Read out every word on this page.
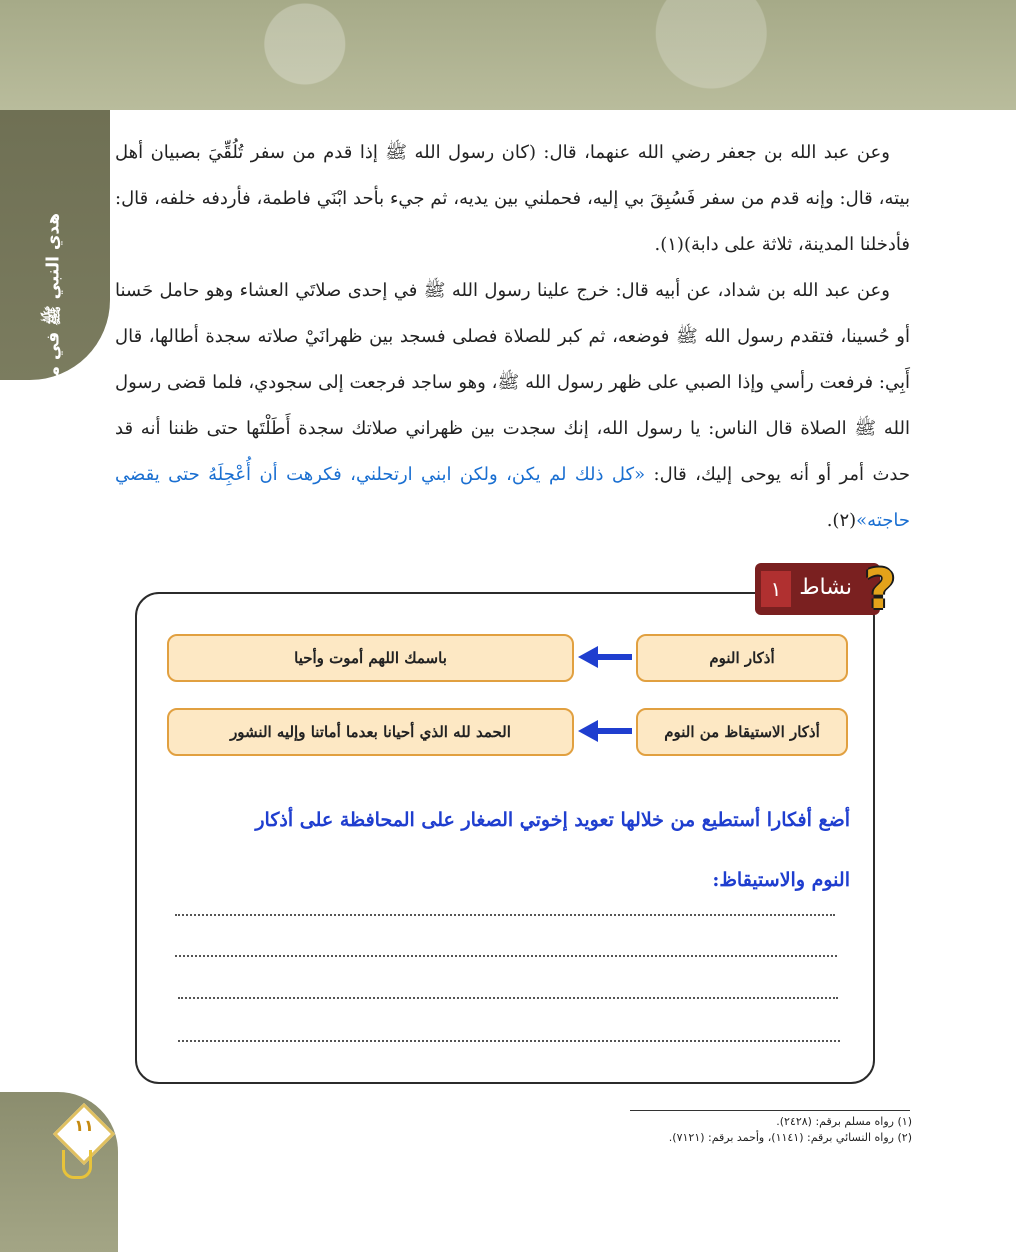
هدي النبي ﷺ في معاملة الناس (١)

وعن عبد الله بن جعفر رضي الله عنهما، قال: (كان رسول الله ﷺ إذا قدم من سفر تُلُقِّيَ بصبيان أهل بيته، قال: وإنه قدم من سفر فَسُبِقَ بي إليه، فحملني بين يديه، ثم جيء بأحد ابْنَي فاطمة، فأردفه خلفه، قال: فأدخلنا المدينة، ثلاثة على دابة)(١).

وعن عبد الله بن شداد، عن أبيه قال: خرج علينا رسول الله ﷺ في إحدى صلاتَي العشاء وهو حامل حَسنا أو حُسينا، فتقدم رسول الله ﷺ فوضعه، ثم كبر للصلاة فصلى فسجد بين ظهرانَيْ صلاته سجدة أطالها، قال أَبِي: فرفعت رأسي وإذا الصبي على ظهر رسول الله ﷺ، وهو ساجد فرجعت إلى سجودي، فلما قضى رسول الله ﷺ الصلاة قال الناس: يا رسول الله، إنك سجدت بين ظهراني صلاتك سجدة أَطَلْتَها حتى ظننا أنه قد حدث أمر أو أنه يوحى إليك، قال: «كل ذلك لم يكن، ولكن ابني ارتحلني، فكرهت أن أُعْجِلَهُ حتى يقضي حاجته»(٢).

نشاط
١ ?
أذكار النوم
باسمك اللهم أموت وأحيا
أذكار الاستيقاظ من النوم
الحمد لله الذي أحيانا بعدما أماتنا وإليه النشور
أضع أفكارا أستطيع من خلالها تعويد إخوتي الصغار على المحافظة على أذكار
النوم والاستيقاظ:
١١	(١) رواه مسلم برقم: (٢٤٢٨).
(٢) رواه النسائي برقم: (١١٤١)، وأحمد برقم: (٧١٢١).
